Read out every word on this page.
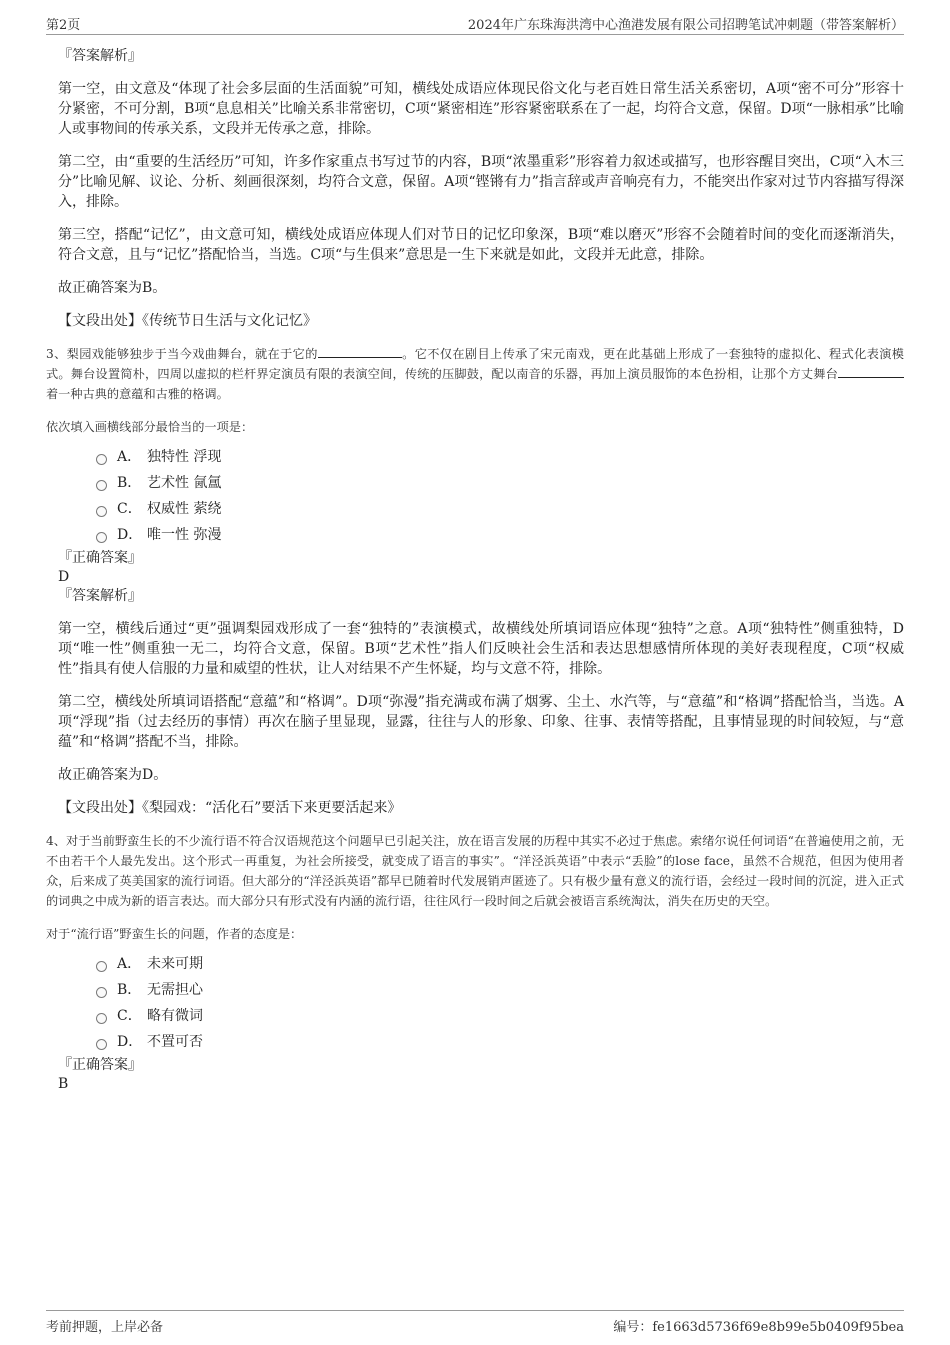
第2页	2024年广东珠海洪湾中心渔港发展有限公司招聘笔试冲刺题（带答案解析）
『答案解析』

第一空，由文意及“体现了社会多层面的生活面貌”可知，横线处成语应体现民俗文化与老百姓日常生活关系密切，A项“密不可分”形容十分紧密，不可分割，B项“息息相关”比喻关系非常密切，C项“紧密相连”形容紧密联系在了一起，均符合文意，保留。D项“一脉相承”比喻人或事物间的传承关系，文段并无传承之意，排除。

第二空，由“重要的生活经历”可知，许多作家重点书写过节的内容，B项“浓墨重彩”形容着力叙述或描写，也形容醒目突出，C项“入木三分”比喻见解、议论、分析、刻画很深刻，均符合文意，保留。A项“铿锵有力”指言辞或声音响亮有力，不能突出作家对过节内容描写得深入，排除。

第三空，搭配“记忆”，由文意可知，横线处成语应体现人们对节日的记忆印象深，B项“难以磨灭”形容不会随着时间的变化而逐渐消失，符合文意，且与“记忆”搭配恰当，当选。C项“与生俱来”意思是一生下来就是如此，文段并无此意，排除。

故正确答案为B。

【文段出处】《传统节日生活与文化记忆》

3、梨园戏能够独步于当今戏曲舞台，就在于它的	。它不仅在剧目上传承了宋元南戏，更在此基础上形成了一套独特的虚拟化、程式化表演模式。舞台设置简朴，四周以虚拟的栏杆界定演员有限的表演空间，传统的压脚鼓，配以南音的乐器，再加上演员服饰的本色扮相，让那个方丈舞台着一种古典的意蕴和古雅的格调。

依次填入画横线部分最恰当的一项是：
A． 独特性 浮现
B． 艺术性 氤氲
C． 权威性 萦绕
D． 唯一性 弥漫
『正确答案』
D
『答案解析』

第一空，横线后通过“更”强调梨园戏形成了一套“独特的”表演模式，故横线处所填词语应体现“独特”之意。A项“独特性”侧重独特，D项“唯一性”侧重独一无二，均符合文意，保留。B项“艺术性”指人们反映社会生活和表达思想感情所体现的美好表现程度，C项“权威性”指具有使人信服的力量和威望的性状，让人对结果不产生怀疑，均与文意不符，排除。

第二空，横线处所填词语搭配“意蕴”和“格调”。D项“弥漫”指充满或布满了烟雾、尘土、水汽等，与“意蕴”和“格调”搭配恰当，当选。A项“浮现”指（过去经历的事情）再次在脑子里显现，显露，往往与人的形象、印象、往事、表情等搭配，且事情显现的时间较短，与“意蕴”和“格调”搭配不当，排除。

故正确答案为D。

【文段出处】《梨园戏：“活化石”要活下来更要活起来》

4、对于当前野蛮生长的不少流行语不符合汉语规范这个问题早已引起关注，放在语言发展的历程中其实不必过于焦虑。索绪尔说任何词语“在普遍使用之前，无不由若干个人最先发出。这个形式一再重复，为社会所接受，就变成了语言的事实”。“洋泾浜英语”中表示“丢脸”的lose face，虽然不合规范，但因为使用者众，后来成了英美国家的流行词语。但大部分的“洋泾浜英语”都早已随着时代发展销声匿迹了。只有极少量有意义的流行语，会经过一段时间的沉淀，进入正式的词典之中成为新的语言表达。而大部分只有形式没有内涵的流行语，往往风行一段时间之后就会被语言系统淘汰，消失在历史的天空。

对于“流行语”野蛮生长的问题，作者的态度是：
A． 未来可期
B． 无需担心
C． 略有微词
D． 不置可否
『正确答案』
B
考前押题，上岸必备	编号：fe1663d5736f69e8b99e5b0409f95bea
